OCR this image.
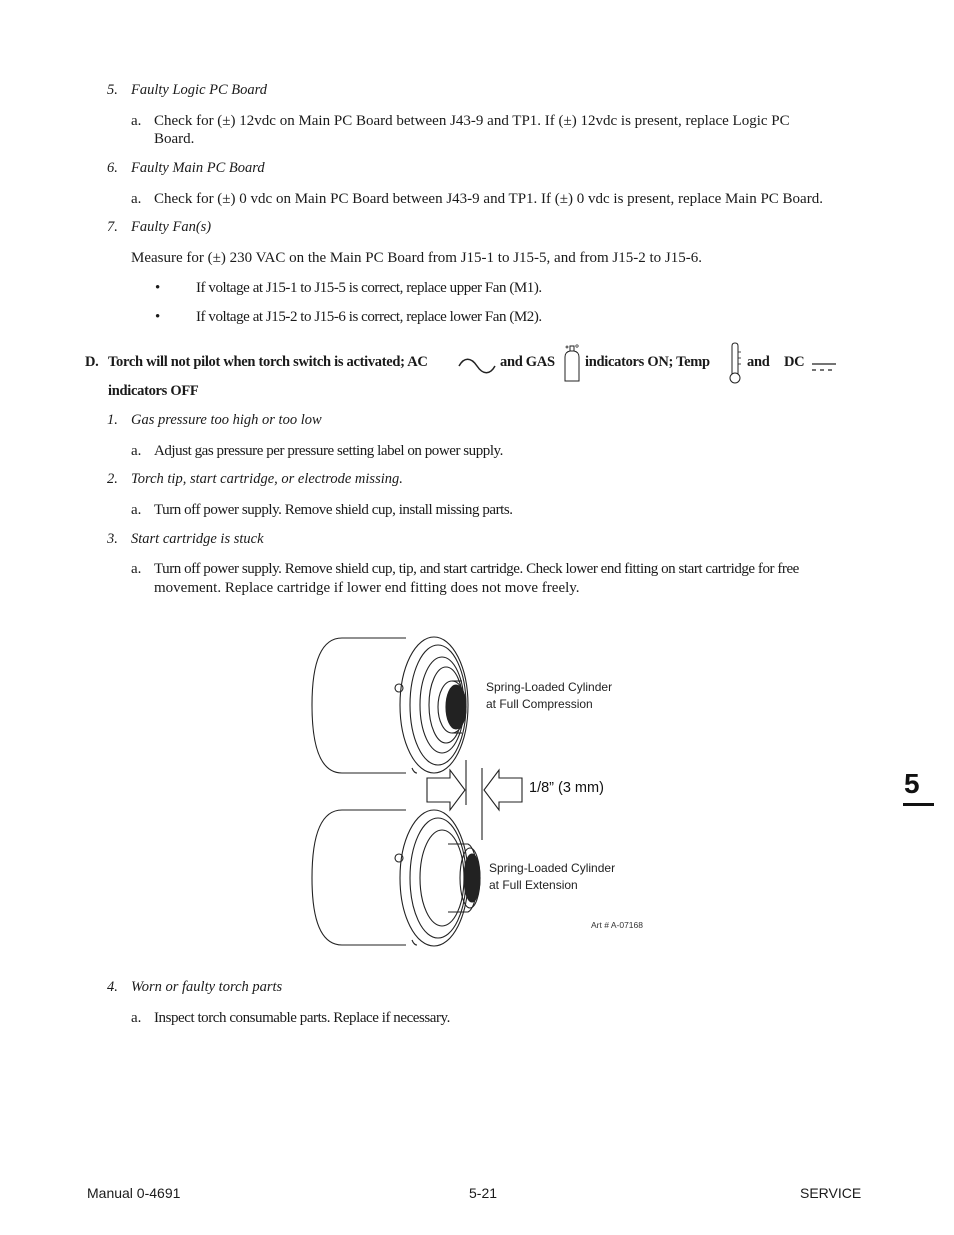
5. Faulty Logic PC Board
a. Check for (±) 12vdc on Main PC Board between J43-9 and TP1. If (±) 12vdc is present, replace Logic PC
Board.
6. Faulty Main PC Board
a. Check for (±) 0 vdc on Main PC Board between J43-9 and TP1. If (±) 0 vdc is present, replace Main PC Board.
7. Faulty Fan(s)
Measure for (±) 230 VAC on the Main PC Board from J15-1 to J15-5, and from J15-2 to J15-6.
• If voltage at J15-1 to J15-5 is correct, replace upper Fan (M1).
• If voltage at J15-2 to J15-6 is correct, replace lower Fan (M2).
D. Torch will not pilot when torch switch is activated; AC	and GAS indicators ON; Temp	and DC
indicators OFF
1. Gas pressure too high or too low
a. Adjust gas pressure per pressure setting label on power supply.
2. Torch tip, start cartridge, or electrode missing.
a. Turn off power supply. Remove shield cup, install missing parts.
3. Start cartridge is stuck
a. Turn off power supply. Remove shield cup, tip, and start cartridge. Check lower end fitting on start cartridge for free
movement. Replace cartridge if lower end fitting does not move freely.
Spring-Loaded Cylinder
at Full Compression
1/8” (3 mm)
Spring-Loaded Cylinder
at Full Extension
Art # A-07168
5
4. Worn or faulty torch parts
a. Inspect torch consumable parts. Replace if necessary.
Manual 0-4691	5-21	SERVICE
